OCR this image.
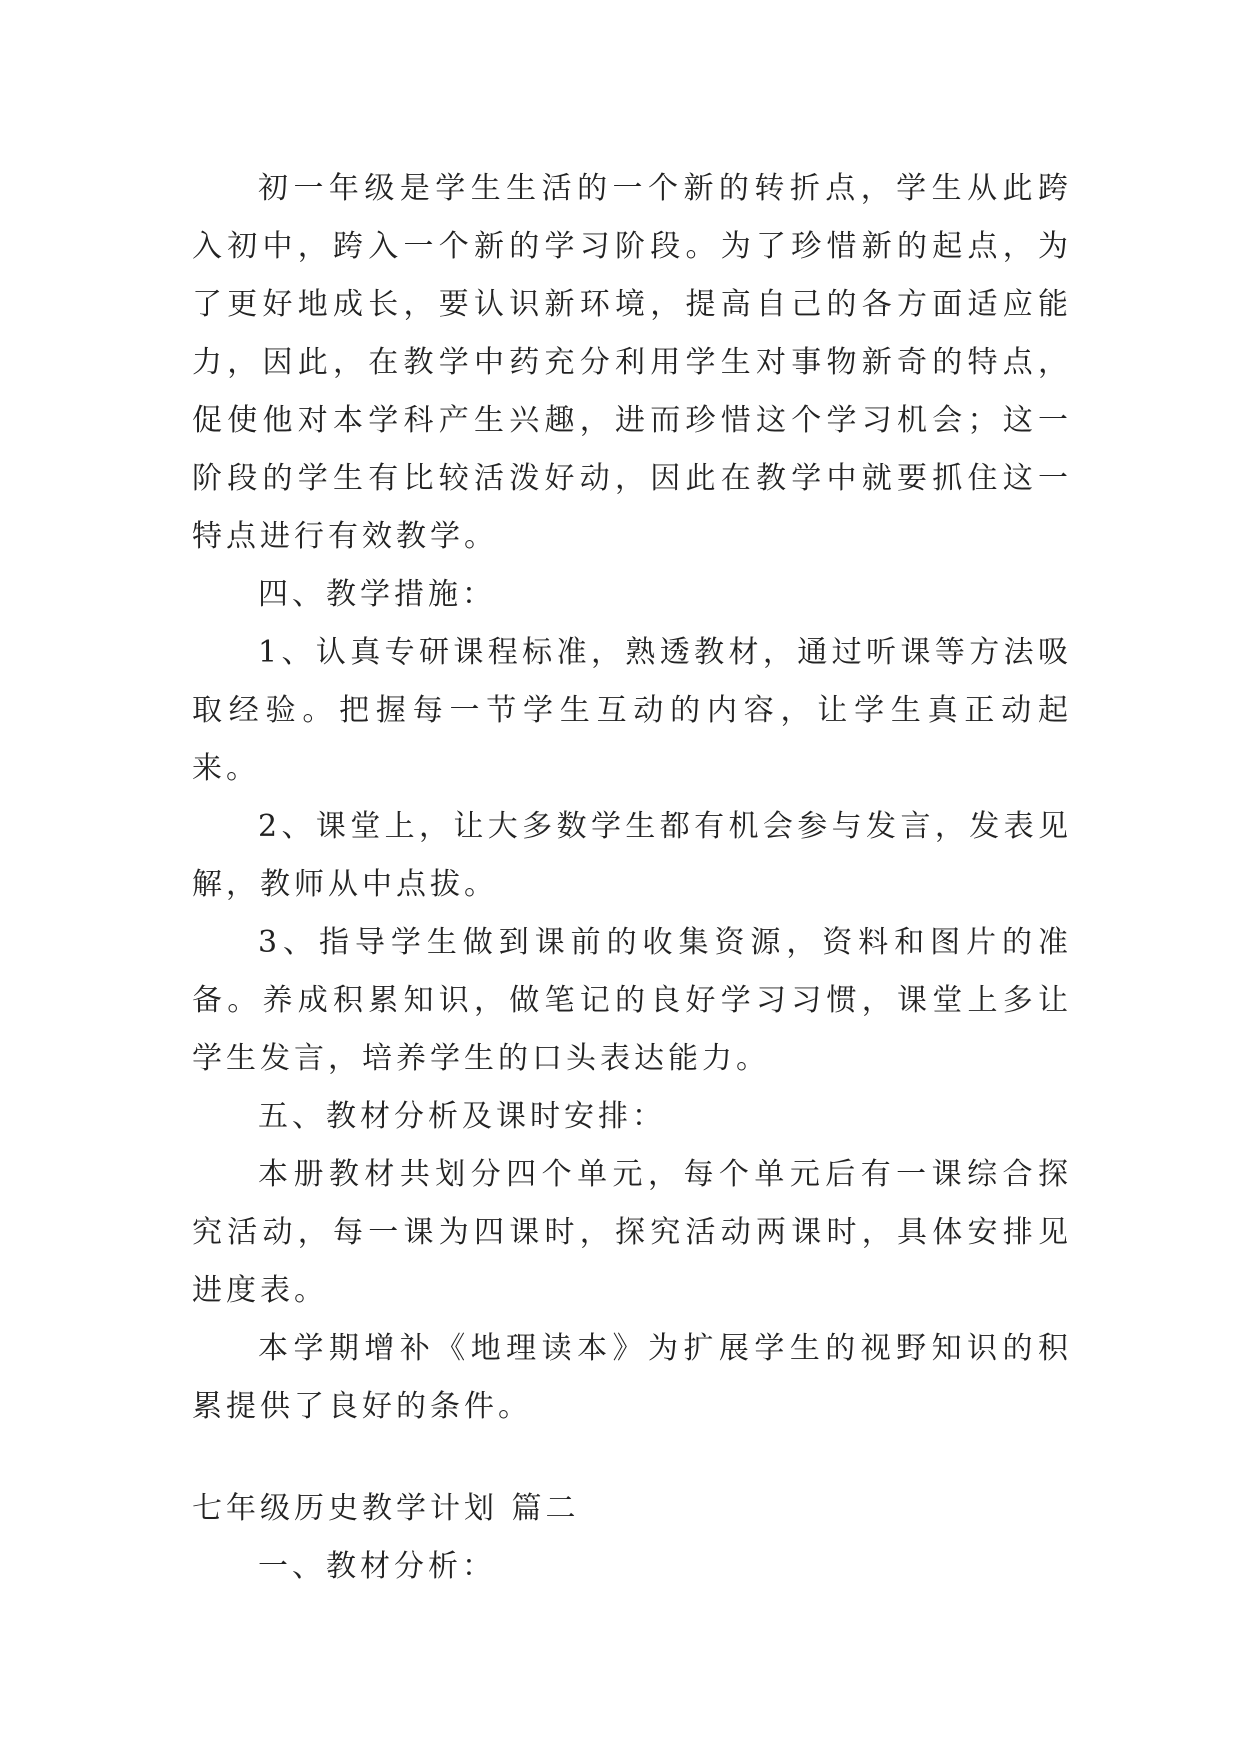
初一年级是学生生活的一个新的转折点，学生从此跨入初中，跨入一个新的学习阶段。为了珍惜新的起点，为了更好地成长，要认识新环境，提高自己的各方面适应能力，因此，在教学中药充分利用学生对事物新奇的特点，促使他对本学科产生兴趣，进而珍惜这个学习机会；这一阶段的学生有比较活泼好动，因此在教学中就要抓住这一特点进行有效教学。

四、教学措施：

1、认真专研课程标准，熟透教材，通过听课等方法吸取经验。把握每一节学生互动的内容，让学生真正动起来。

2、课堂上，让大多数学生都有机会参与发言，发表见解，教师从中点拔。

3、指导学生做到课前的收集资源，资料和图片的准备。养成积累知识，做笔记的良好学习习惯，课堂上多让学生发言，培养学生的口头表达能力。

五、教材分析及课时安排：

本册教材共划分四个单元，每个单元后有一课综合探究活动，每一课为四课时，探究活动两课时，具体安排见进度表。

本学期增补《地理读本》为扩展学生的视野知识的积累提供了良好的条件。

七年级历史教学计划 篇二

一、教材分析：
